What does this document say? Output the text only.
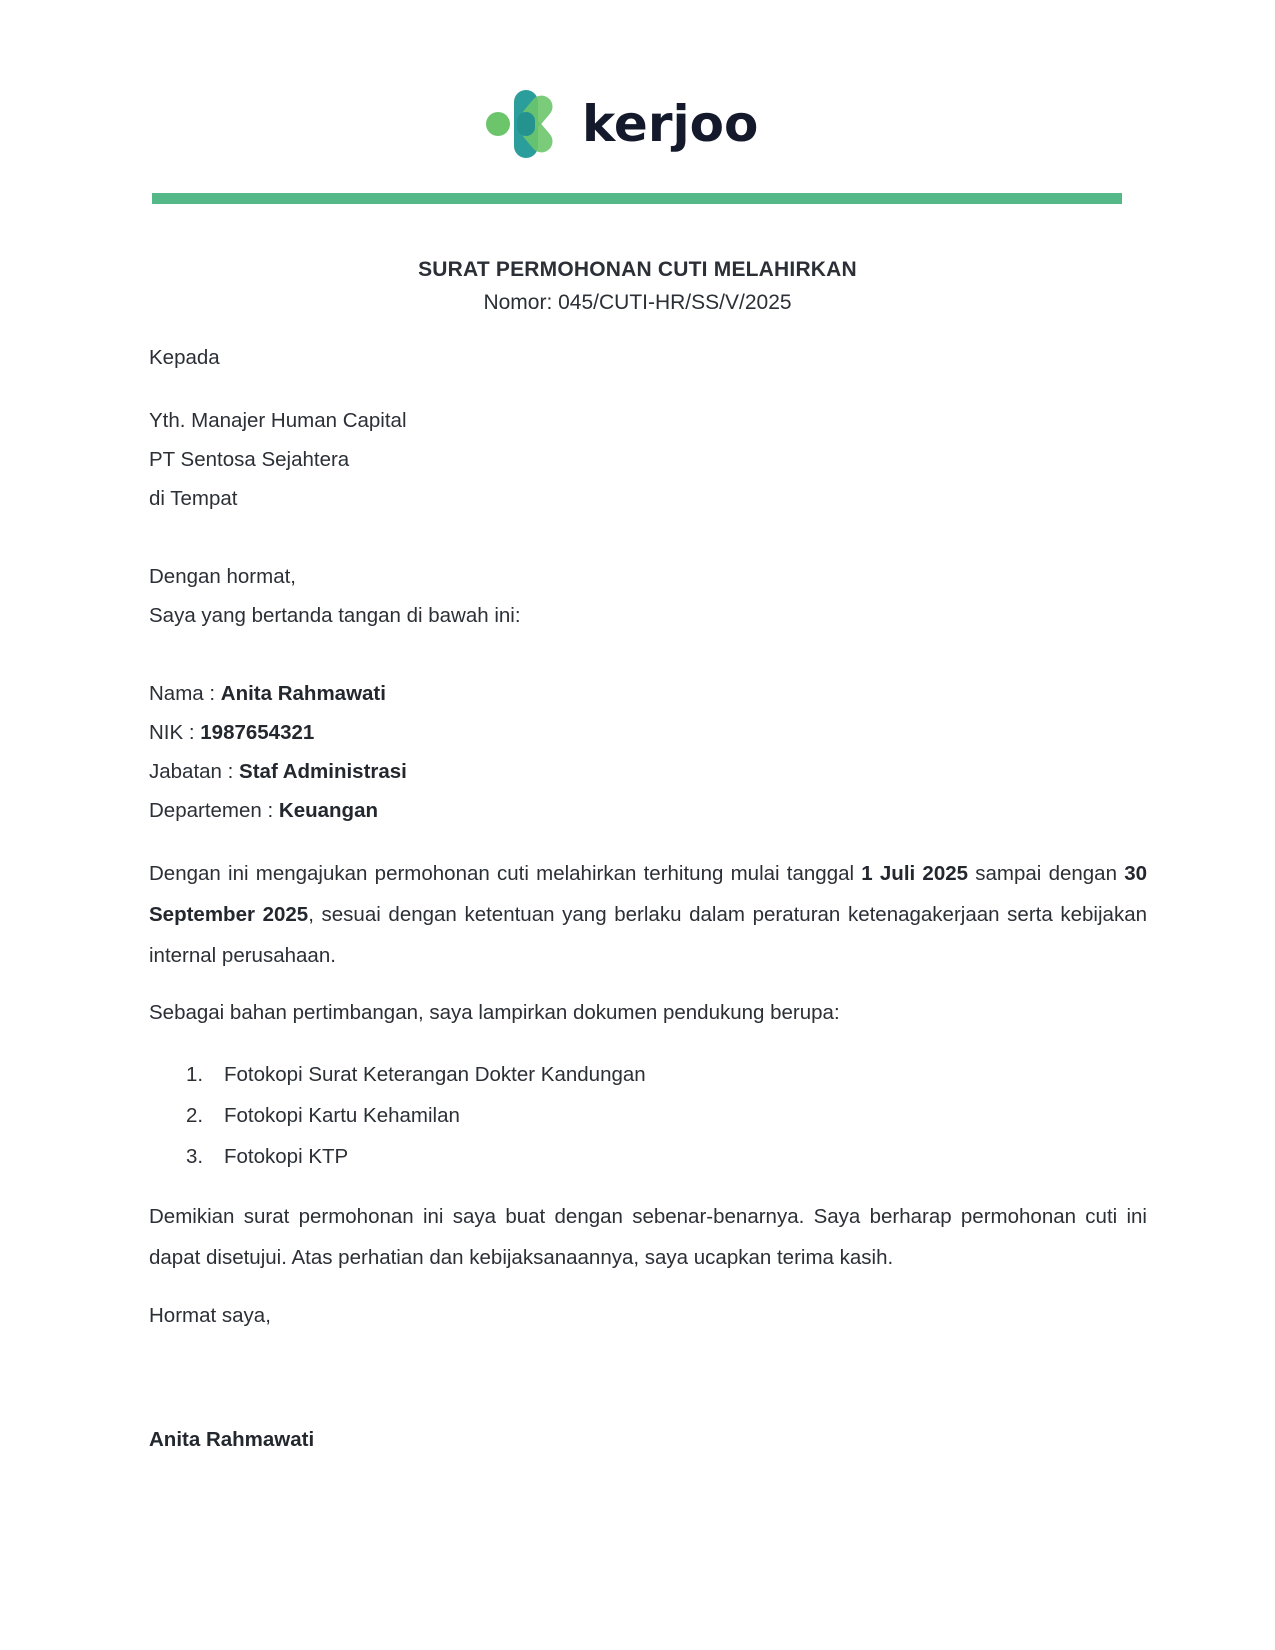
kerjoo
SURAT PERMOHONAN CUTI MELAHIRKAN
Nomor: 045/CUTI-HR/SS/V/2025
Kepada
Yth. Manajer Human Capital
PT Sentosa Sejahtera
di Tempat
Dengan hormat,
Saya yang bertanda tangan di bawah ini:
Nama : Anita Rahmawati
NIK : 1987654321
Jabatan : Staf Administrasi
Departemen : Keuangan
Dengan ini mengajukan permohonan cuti melahirkan terhitung mulai tanggal 1 Juli 2025 sampai dengan 30 September 2025, sesuai dengan ketentuan yang berlaku dalam peraturan ketenagakerjaan serta kebijakan internal perusahaan.
Sebagai bahan pertimbangan, saya lampirkan dokumen pendukung berupa:
1. Fotokopi Surat Keterangan Dokter Kandungan
2. Fotokopi Kartu Kehamilan
3. Fotokopi KTP
Demikian surat permohonan ini saya buat dengan sebenar-benarnya. Saya berharap permohonan cuti ini dapat disetujui. Atas perhatian dan kebijaksanaannya, saya ucapkan terima kasih.
Hormat saya,
Anita Rahmawati
